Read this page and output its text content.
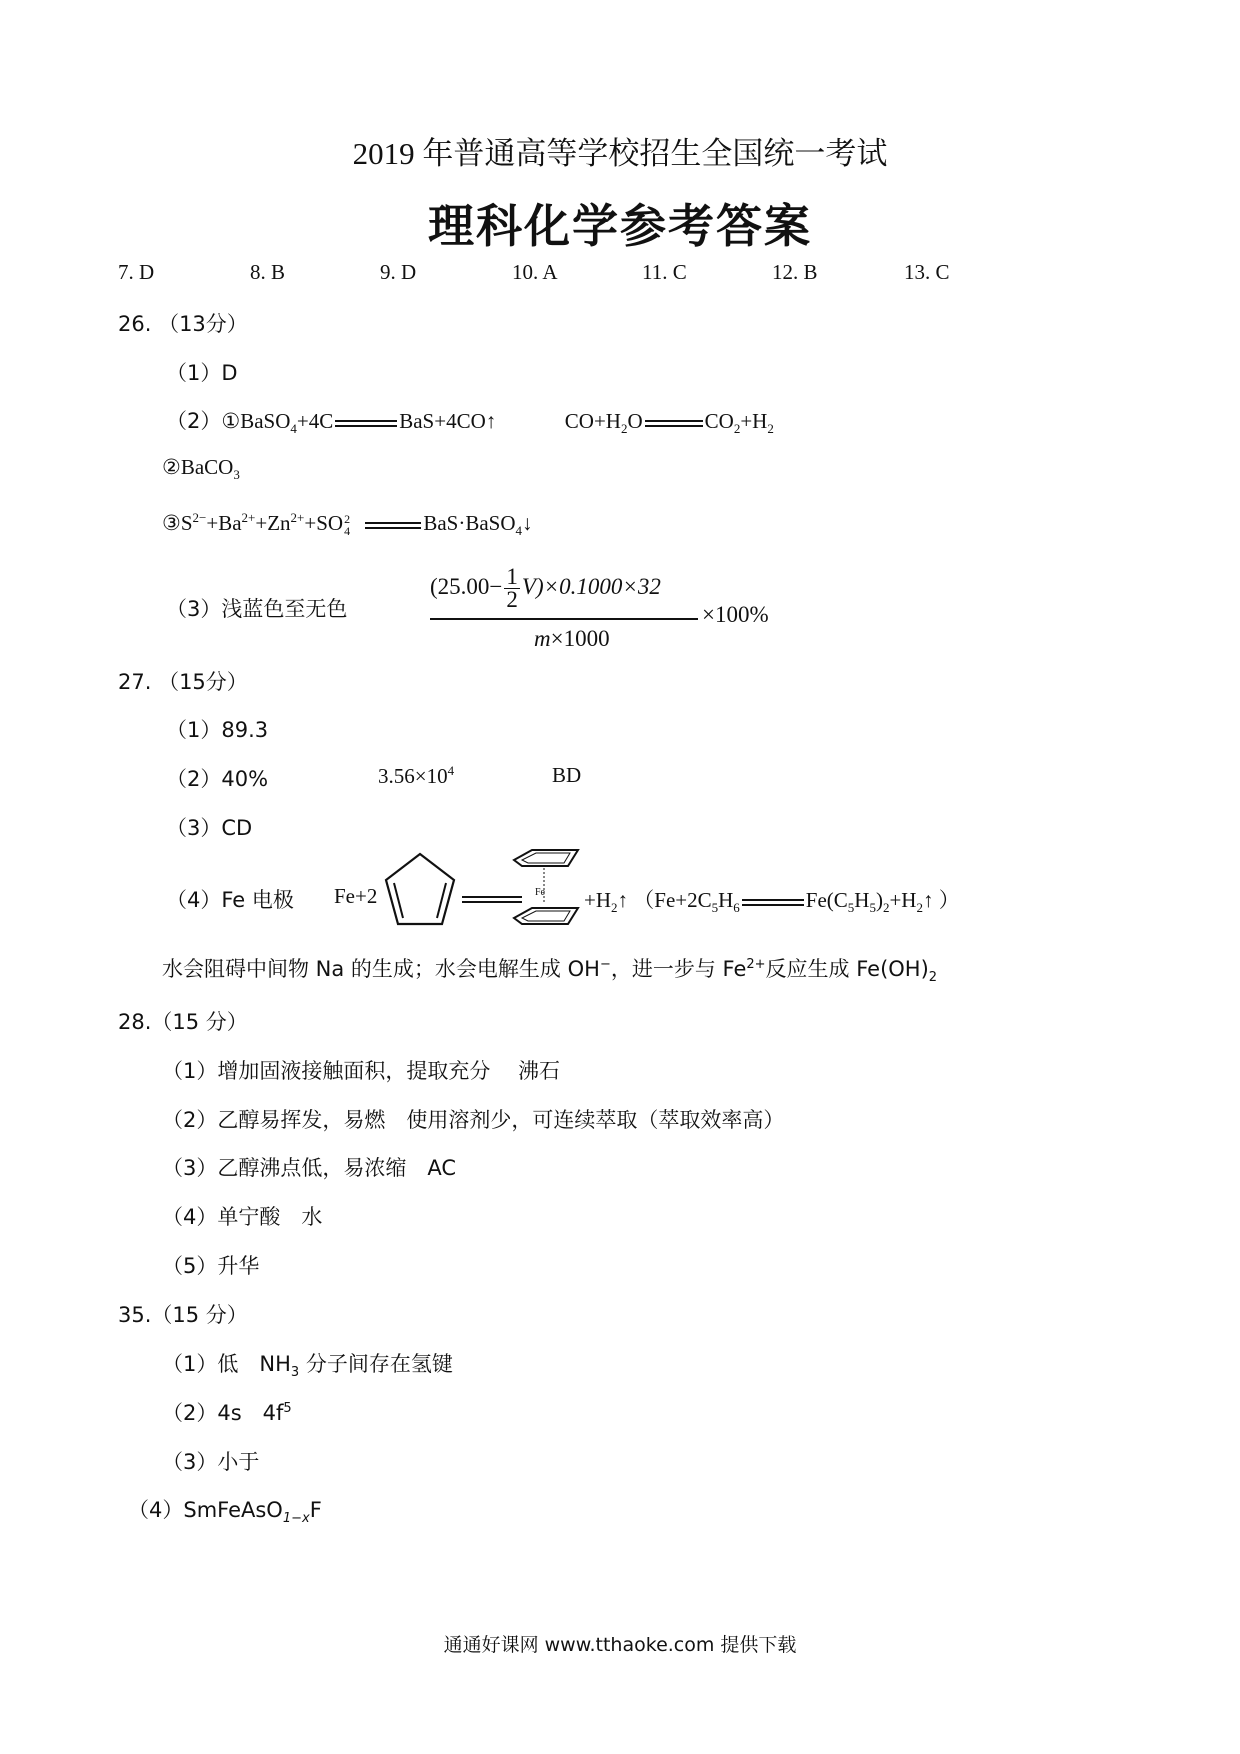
2019 年普通高等学校招生全国统一考试
理科化学参考答案
7. D	8. B	9. D	10. A	11. C	12. B	13. C
26. （13分）
（1）D
（2）①BaSO$_4$+4C	BaS+4CO↑	$CO+H_2O$	$CO_2+H_2$
②BaCO$_3$
$③S^{2-}+Ba^{2+}+Zn^{2+}+SO$ 2
4	BaS·BaSO$_4$↓
（3）浅蓝色至无色
$(25.00- \frac{1}{2} V)\times 0.1000\times 32$
m×1000
×100%
27. （15分）
（1）89.3
（2）40%	$3.56\times 10^4$	BD
（3）CD
（4）Fe 电极 Fe+2	$Fe +H_2↑$ （$Fe+2C_5H_6$	$Fe(C_5H_5)_2+H_2↑$ ）
水会阻碍中间物 Na 的生成；水会电解生成 OH−，进一步与 $Fe^{2+}$反应生成 $Fe(OH)_2$
28.（15 分）
（1）增加固液接触面积，提取充分　 沸石
（2）乙醇易挥发，易燃　使用溶剂少，可连续萃取（萃取效率高）
（3）乙醇沸点低，易浓缩　AC
（4）单宁酸　水
（5）升华
35.（15 分）
（1）低　$NH_3$ 分子间存在氢键
（2）4s　$4f^5$
（3）小于
（4）SmFeAsO$_{1-x}$F
通通好课网 www.tthaoke.com 提供下载
